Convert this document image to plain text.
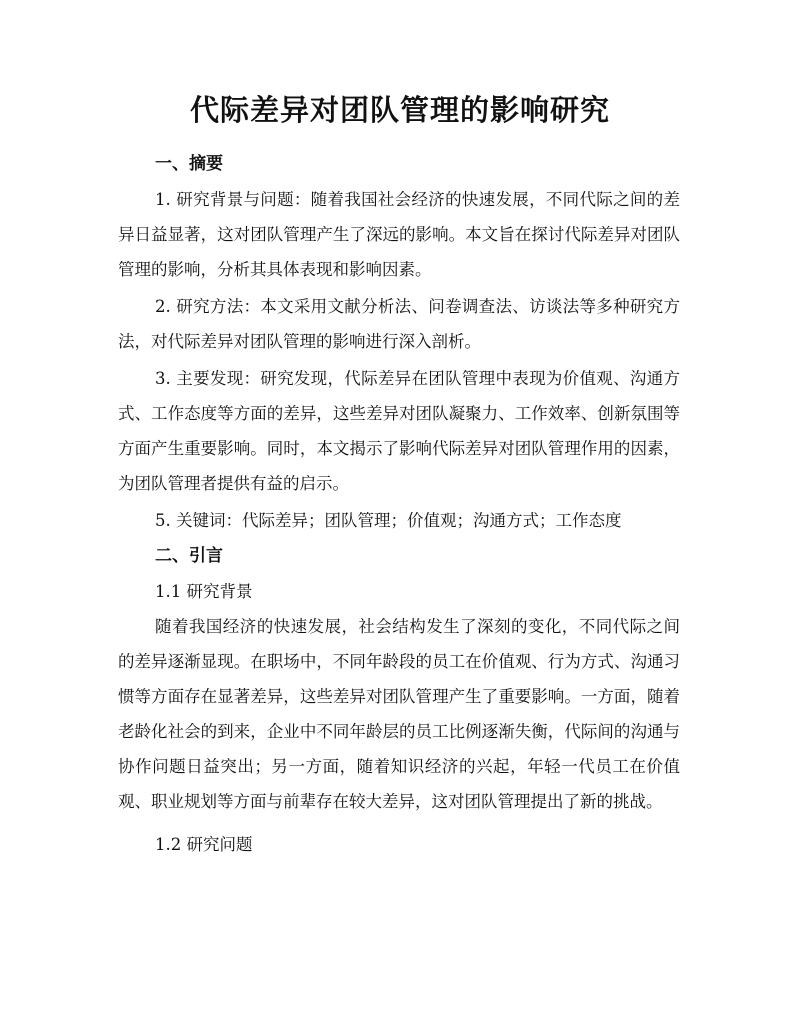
代际差异对团队管理的影响研究
一、摘要

1. 研究背景与问题：随着我国社会经济的快速发展，不同代际之间的差异日益显著，这对团队管理产生了深远的影响。本文旨在探讨代际差异对团队管理的影响，分析其具体表现和影响因素。

2. 研究方法：本文采用文献分析法、问卷调查法、访谈法等多种研究方法，对代际差异对团队管理的影响进行深入剖析。

3. 主要发现：研究发现，代际差异在团队管理中表现为价值观、沟通方式、工作态度等方面的差异，这些差异对团队凝聚力、工作效率、创新氛围等方面产生重要影响。同时，本文揭示了影响代际差异对团队管理作用的因素，为团队管理者提供有益的启示。

5. 关键词：代际差异；团队管理；价值观；沟通方式；工作态度

二、引言
1.1 研究背景

随着我国经济的快速发展，社会结构发生了深刻的变化，不同代际之间的差异逐渐显现。在职场中，不同年龄段的员工在价值观、行为方式、沟通习惯等方面存在显著差异，这些差异对团队管理产生了重要影响。一方面，随着老龄化社会的到来，企业中不同年龄层的员工比例逐渐失衡，代际间的沟通与协作问题日益突出；另一方面，随着知识经济的兴起，年轻一代员工在价值观、职业规划等方面与前辈存在较大差异，这对团队管理提出了新的挑战。

1.2 研究问题
